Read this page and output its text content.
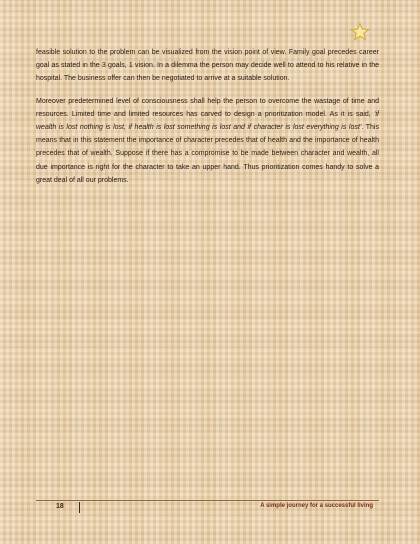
feasible solution to the problem can be visualized from the vision point of view. Family goal precedes career goal as stated in the 3 goals, 1 vision. In a dilemma the person may decide well to attend to his relative in the hospital. The business offer can then be negotiated to arrive at a suitable solution.

Moreover predetermined level of consciousness shall help the person to overcome the wastage of time and resources. Limited time and limited resources has carved to design a prioritization model. As it is said, ‘if wealth is lost nothing is lost, if health is lost something is lost and if character is lost everything is lost’. This means that in this statement the importance of character precedes that of health and the importance of health precedes that of wealth. Suppose if there has a compromise to be made between character and wealth, all due importance is right for the character to take an upper hand. Thus prioritization comes handy to solve a great deal of all our problems.

18	A simple journey for a successful living
